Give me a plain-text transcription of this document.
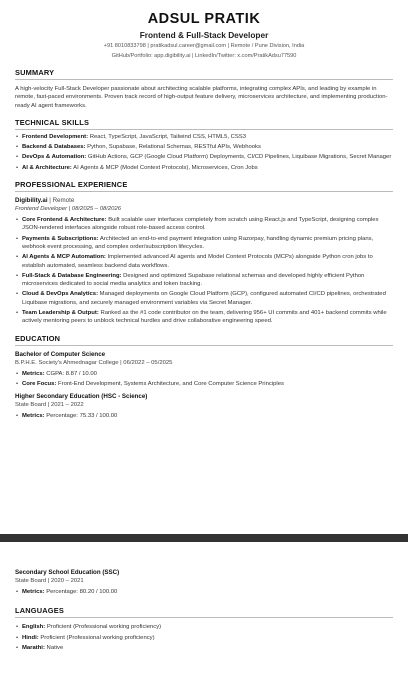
ADSUL PRATIK
Frontend & Full-Stack Developer
+91 8010833798 | pratikadsul.career@gmail.com | Remote / Pune Division, India
GitHub/Portfolio: app.digibility.ai | LinkedIn/Twitter: x.com/PratikAdsu77590
SUMMARY
A high-velocity Full-Stack Developer passionate about architecting scalable platforms, integrating complex APIs, and leading by example in remote, fast-paced environments. Proven track record of high-output feature delivery, microservices architecture, and implementing production-ready AI agent frameworks.
TECHNICAL SKILLS
• Frontend Development: React, TypeScript, JavaScript, Tailwind CSS, HTML5, CSS3
• Backend & Databases: Python, Supabase, Relational Schemas, RESTful APIs, Webhooks
• DevOps & Automation: GitHub Actions, GCP (Google Cloud Platform) Deployments, CI/CD Pipelines, Liquibase Migrations, Secret Manager
• AI & Architecture: AI Agents & MCP (Model Context Protocols), Microservices, Cron Jobs
PROFESSIONAL EXPERIENCE
Digibility.ai | Remote
Frontend Developer | 08/2025 – 08/2026
• Core Frontend & Architecture: Built scalable user interfaces completely from scratch using React.js and TypeScript, designing complex JSON-rendered interfaces alongside robust role-based access control.
• Payments & Subscriptions: Architected an end-to-end payment integration using Razorpay, handling dynamic premium pricing plans, webhook event processing, and complex order/subscription lifecycles.
• AI Agents & MCP Automation: Implemented advanced AI agents and Model Context Protocols (MCPs) alongside Python cron jobs to establish automated, seamless backend data workflows.
• Full-Stack & Database Engineering: Designed and optimized Supabase relational schemas and developed highly efficient Python microservices dedicated to social media analytics and token tracking.
• Cloud & DevOps Analytics: Managed deployments on Google Cloud Platform (GCP), configured automated CI/CD pipelines, orchestrated Liquibase migrations, and securely managed environment variables via Secret Manager.
• Team Leadership & Output: Ranked as the #1 code contributor on the team, delivering 956+ UI commits and 401+ backend commits while actively mentoring peers to unblock technical hurdles and drive collaborative engineering speed.
EDUCATION
Bachelor of Computer Science
B.P.H.E. Society's Ahmednagar College | 06/2022 – 05/2025
• Metrics: CGPA: 8.87 / 10.00
• Core Focus: Front-End Development, Systems Architecture, and Core Computer Science Principles
Higher Secondary Education (HSC - Science)
State Board | 2021 – 2022
• Metrics: Percentage: 75.33 / 100.00
Secondary School Education (SSC)
State Board | 2020 – 2021
• Metrics: Percentage: 80.20 / 100.00
LANGUAGES
• English: Proficient (Professional working proficiency)
• Hindi: Proficient (Professional working proficiency)
• Marathi: Native
